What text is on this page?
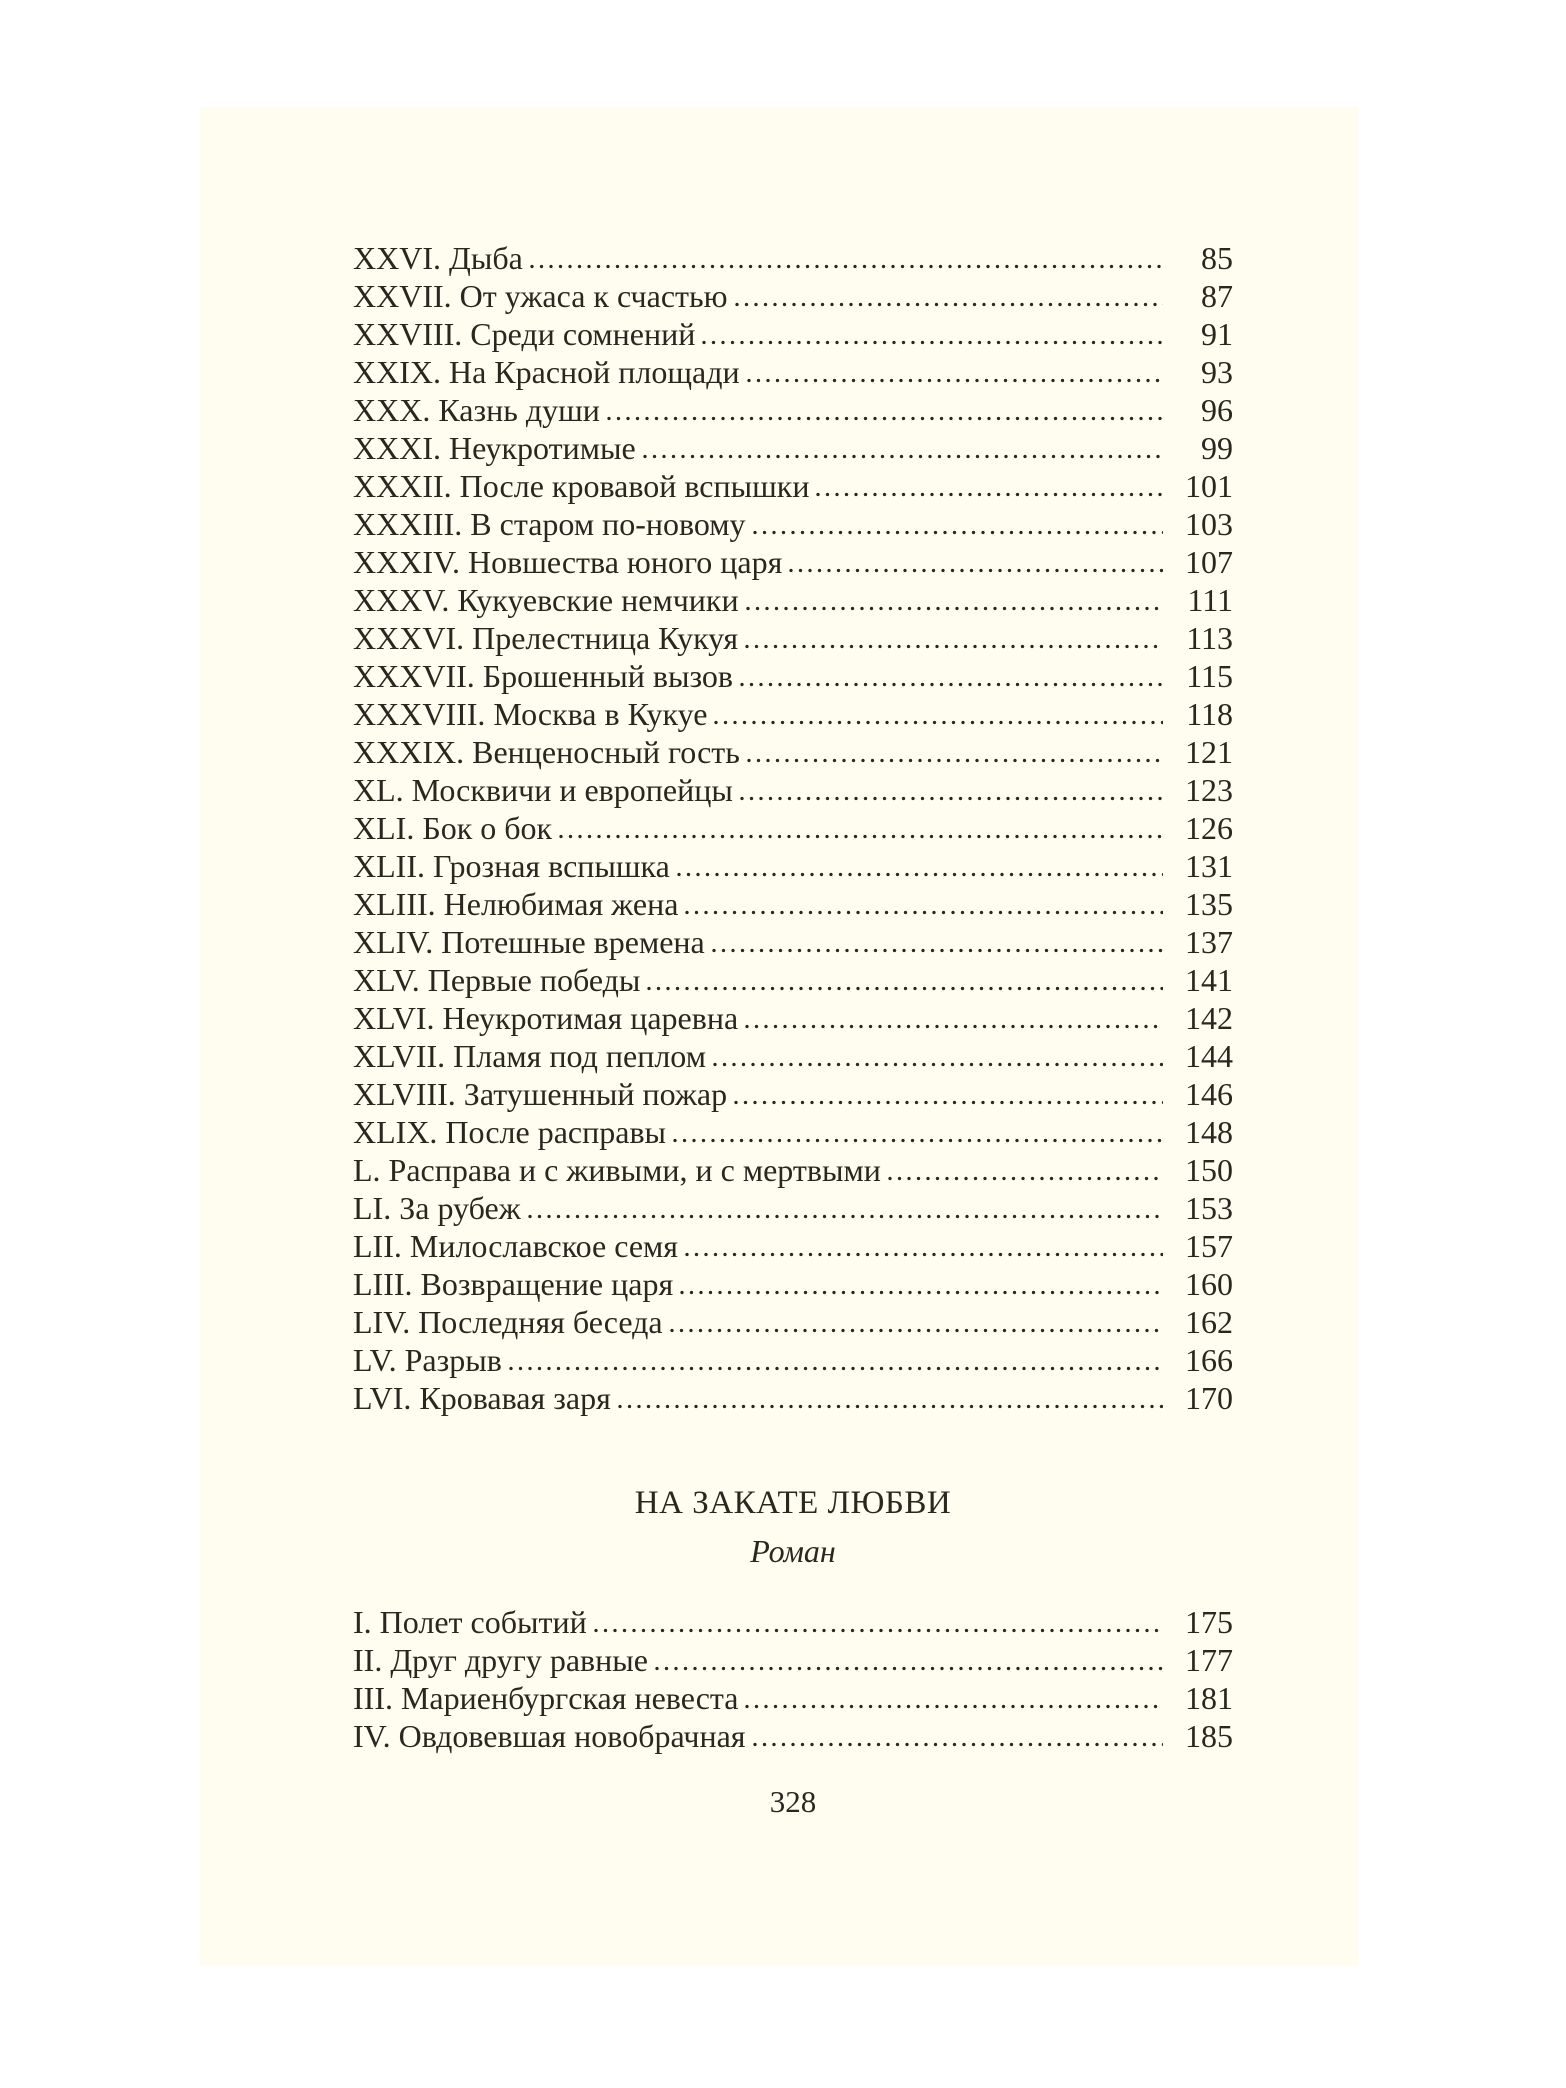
XXVI. Дыба	85
XXVII. От ужаса к счастью	87
XXVIII. Среди сомнений	91
XXIX. На Красной площади	93
XXX. Казнь души	96
XXXI. Неукротимые	99
XXXII. После кровавой вспышки	101
XXXIII. В старом по-новому	103
XXXIV. Новшества юного царя	107
XXXV. Кукуевские немчики	111
XXXVI. Прелестница Кукуя	113
XXXVII. Брошенный вызов	115
XXXVIII. Москва в Кукуе	118
XXXIX. Венценосный гость	121
XL. Москвичи и европейцы	123
XLI. Бок о бок	126
XLII. Грозная вспышка	131
XLIII. Нелюбимая жена	135
XLIV. Потешные времена	137
XLV. Первые победы	141
XLVI. Неукротимая царевна	142
XLVII. Пламя под пеплом	144
XLVIII. Затушенный пожар	146
XLIX. После расправы	148
L. Расправа и с живыми, и с мертвыми	150
LI. За рубеж	153
LII. Милославское семя	157
LIII. Возвращение царя	160
LIV. Последняя беседа	162
LV. Разрыв	166
LVI. Кровавая заря	170
НА ЗАКАТЕ ЛЮБВИ
Роман
I. Полет событий	175
II. Друг другу равные	177
III. Мариенбургская невеста	181
IV. Овдовевшая новобрачная	185
328
